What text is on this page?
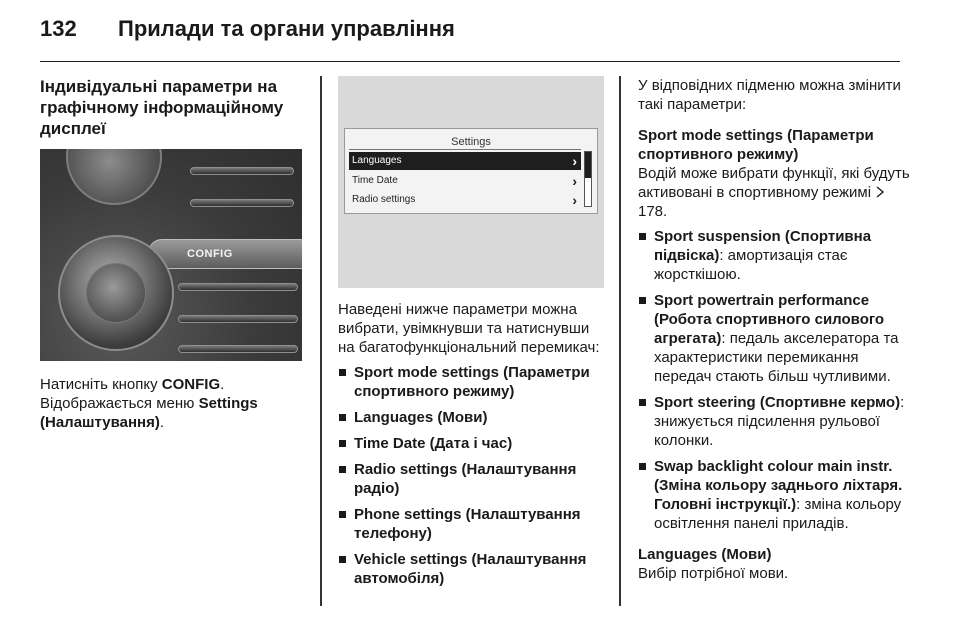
132 Прилади та органи управління
Індивідуальні параметри на графічному інформаційному дисплеї
CONFIG

Натисніть кнопку CONFIG. Відображається меню Settings (Налаштування).

Settings
Languages	›
Time Date	›
Radio settings	›

Наведені нижче параметри можна вибрати, увімкнувши та натиснувши на багатофункціональний перемикач:

Sport mode settings (Параметри спортивного режиму)
Languages (Мови)
Time Date (Дата і час)
Radio settings (Налаштування радіо)
Phone settings (Налаштування телефону)
Vehicle settings (Налаштування автомобіля)

У відповідних підменю можна змінити такі параметри:

Sport mode settings (Параметри спортивного режиму)

Водій може вибрати функції, які будуть активовані в спортивному режимі  178.

Sport suspension (Спортивна підвіска): амортизація стає жорсткішою.
Sport powertrain performance (Робота спортивного силового агрегата): педаль акселератора та характеристики перемикання передач стають більш чутливими.
Sport steering (Спортивне кермо): знижується підсилення рульової колонки.
Swap backlight colour main instr. (Зміна кольору заднього ліхтаря. Головні інструкції.): зміна кольору освітлення панелі приладів.

Languages (Мови)

Вибір потрібної мови.
